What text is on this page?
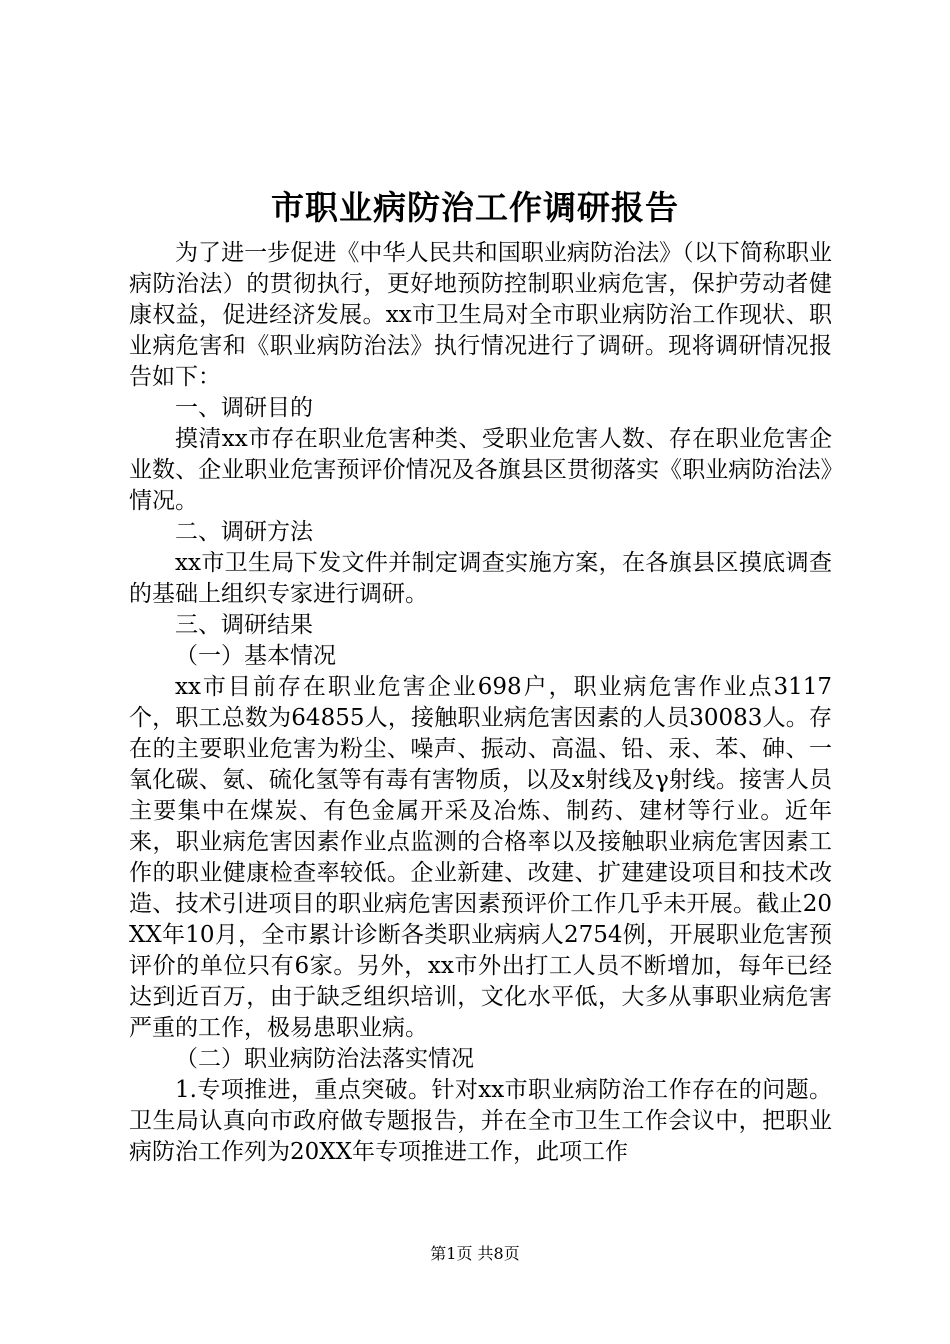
市职业病防治工作调研报告

为了进一步促进《中华人民共和国职业病防治法》（以下简称职业病防治法）的贯彻执行，更好地预防控制职业病危害，保护劳动者健康权益，促进经济发展。xx市卫生局对全市职业病防治工作现状、职业病危害和《职业病防治法》执行情况进行了调研。现将调研情况报告如下：

一、调研目的

摸清xx市存在职业危害种类、受职业危害人数、存在职业危害企业数、企业职业危害预评价情况及各旗县区贯彻落实《职业病防治法》情况。

二、调研方法

xx市卫生局下发文件并制定调查实施方案，在各旗县区摸底调查的基础上组织专家进行调研。

三、调研结果

（一）基本情况

xx市目前存在职业危害企业698户，职业病危害作业点3117个，职工总数为64855人，接触职业病危害因素的人员30083人。存在的主要职业危害为粉尘、噪声、振动、高温、铅、汞、苯、砷、一氧化碳、氨、硫化氢等有毒有害物质，以及x射线及γ射线。接害人员主要集中在煤炭、有色金属开采及冶炼、制药、建材等行业。近年来，职业病危害因素作业点监测的合格率以及接触职业病危害因素工作的职业健康检查率较低。企业新建、改建、扩建建设项目和技术改造、技术引进项目的职业病危害因素预评价工作几乎未开展。截止20XX年10月，全市累计诊断各类职业病病人2754例，开展职业危害预评价的单位只有6家。另外，xx市外出打工人员不断增加，每年已经达到近百万，由于缺乏组织培训，文化水平低，大多从事职业病危害严重的工作，极易患职业病。

（二）职业病防治法落实情况

1.专项推进，重点突破。针对xx市职业病防治工作存在的问题。卫生局认真向市政府做专题报告，并在全市卫生工作会议中，把职业病防治工作列为20XX年专项推进工作，此项工作

第1页 共8页
